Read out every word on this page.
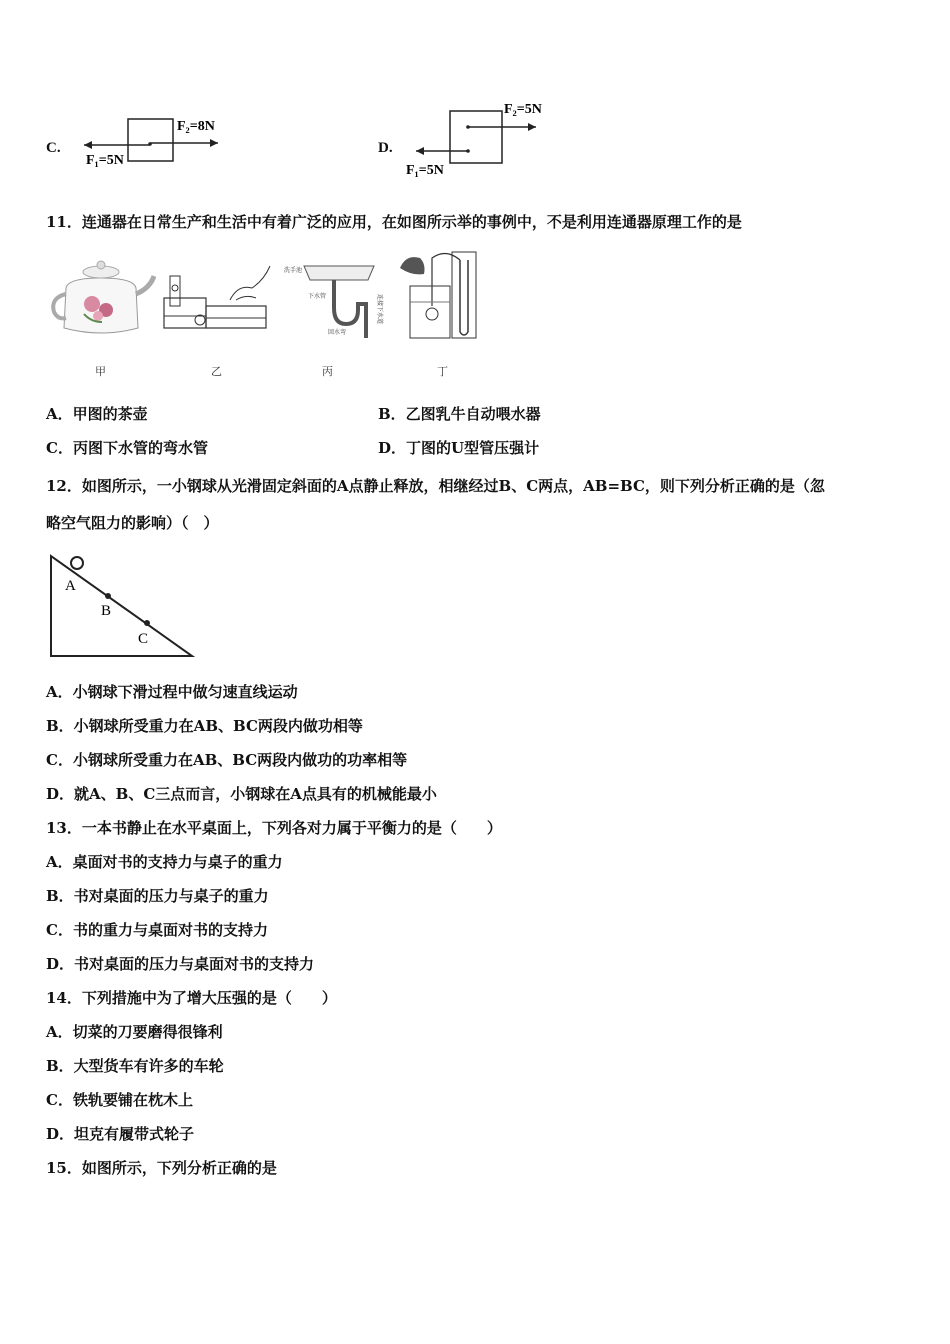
C.
F₂=8N
F₁=5N
D.
F₂=5N
F₁=5N
11．连通器在日常生产和生活中有着广泛的应用，在如图所示举的事例中，不是利用连通器原理工作的是
甲	乙
洗手池
下水管
回水弯
连接下水道
丙	丁
A．甲图的茶壶	B．乙图乳牛自动喂水器
C．丙图下水管的弯水管	D．丁图的U型管压强计
12．如图所示，一小钢球从光滑固定斜面的A点静止释放，相继经过B、C两点，AB=BC，则下列分析正确的是（忽
略空气阻力的影响）（　）
A
B
C
A．小钢球下滑过程中做匀速直线运动
B．小钢球所受重力在AB、BC两段内做功相等
C．小钢球所受重力在AB、BC两段内做功的功率相等
D．就A、B、C三点而言，小钢球在A点具有的机械能最小
13．一本书静止在水平桌面上，下列各对力属于平衡力的是（　　）
A．桌面对书的支持力与桌子的重力
B．书对桌面的压力与桌子的重力
C．书的重力与桌面对书的支持力
D．书对桌面的压力与桌面对书的支持力
14．下列措施中为了增大压强的是（　　）
A．切菜的刀要磨得很锋利
B．大型货车有许多的车轮
C．铁轨要铺在枕木上
D．坦克有履带式轮子
15．如图所示，下列分析正确的是
